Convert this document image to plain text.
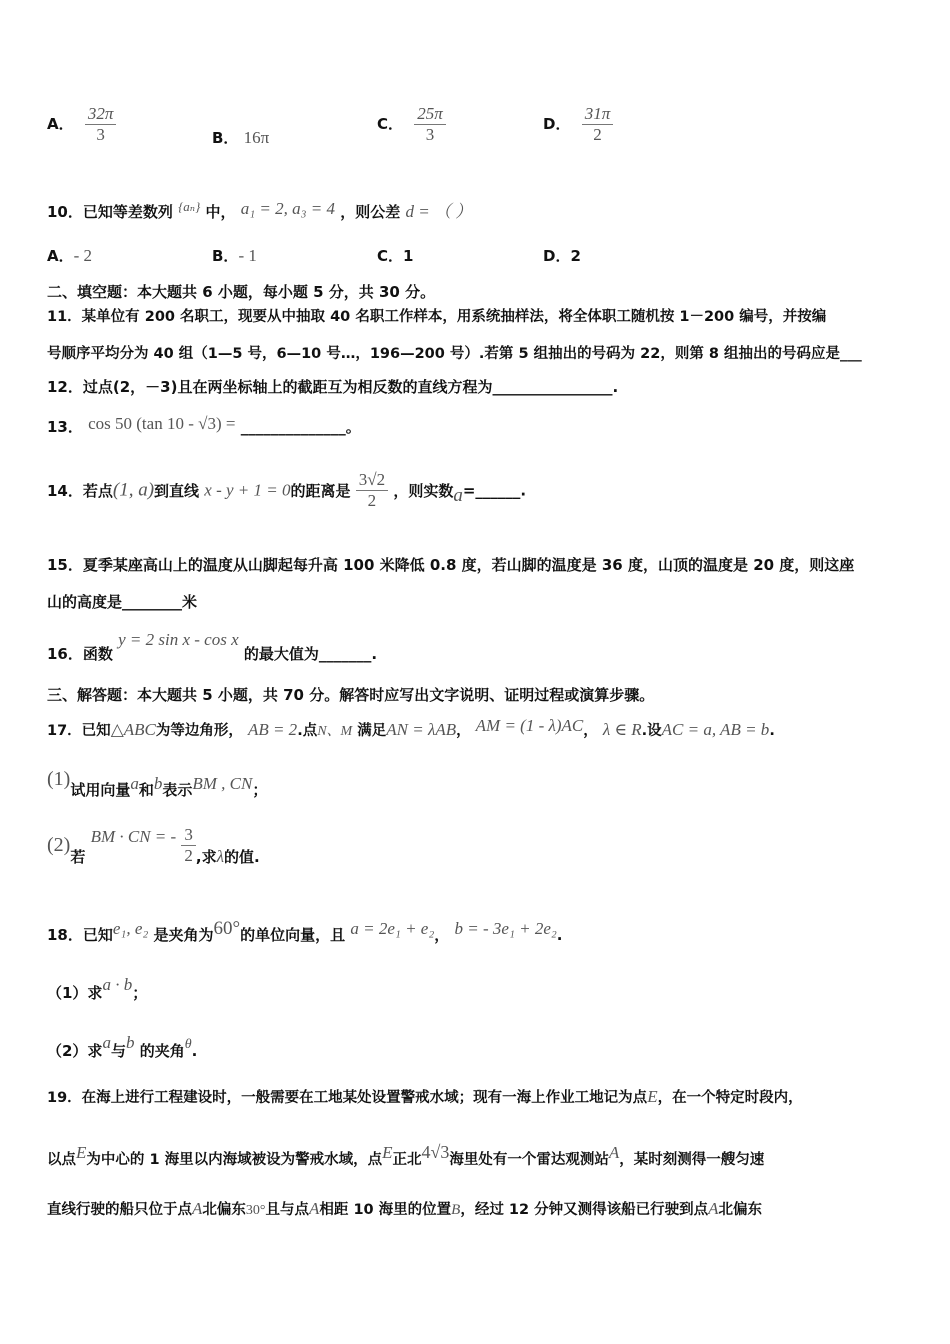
A． $\frac{32\pi}{3}$	B． 16π
C． $\frac{25\pi}{3}$	D． $\frac{31\pi}{2}$
10．已知等差数列 {aₙ} 中， a₁ = 2, a₃ = 4 ，则公差 d = （ ）
A．- 2	B．- 1	C．1	D．2
二、填空题：本大题共 6 小题，每小题 5 分，共 30 分。
11．某单位有 200 名职工，现要从中抽取 40 名职工作样本，用系统抽样法，将全体职工随机按 1－200 编号，并按编
号顺序平均分为 40 组（1—5 号，6—10 号…，196—200 号）.若第 5 组抽出的号码为 22，则第 8 组抽出的号码应是___
12．过点(2，－3)且在两坐标轴上的截距互为相反数的直线方程为________________.
13． cos 50 (tan 10 - √3) = ______________。
14．若点(1, a)到直线 x - y + 1 = 0的距离是 $\frac{3√2}{2}$ ，则实数a=______.
15．夏季某座高山上的温度从山脚起每升高 100 米降低 0.8 度，若山脚的温度是 36 度，山顶的温度是 20 度，则这座
山的高度是________米
16．函数 y = 2 sin x - cos x 的最大值为_______.
三、解答题：本大题共 5 小题，共 70 分。解答时应写出文字说明、证明过程或演算步骤。
17．已知△ABC为等边角形， AB = 2.点N、M 满足AN = λAB， AM = (1 - λ)AC， λ ∈ R.设AC = a, AB = b.
(1)试用向量a和b表示BM , CN；
(2)若 BM · CN = - $\frac{3}{2}$ ,求λ的值.
18．已知e₁, e₂ 是夹角为60°的单位向量，且 a = 2e₁ + e₂， b = - 3e₁ + 2e₂.
（1）求a · b；
（2）求a与b 的夹角θ.
19．在海上进行工程建设时，一般需要在工地某处设置警戒水域；现有一海上作业工地记为点E，在一个特定时段内，
以点E为中心的 1 海里以内海域被设为警戒水域，点E正北4√3海里处有一个雷达观测站A，某时刻测得一艘匀速
直线行驶的船只位于点A北偏东30°且与点A相距 10 海里的位置B，经过 12 分钟又测得该船已行驶到点A北偏东
